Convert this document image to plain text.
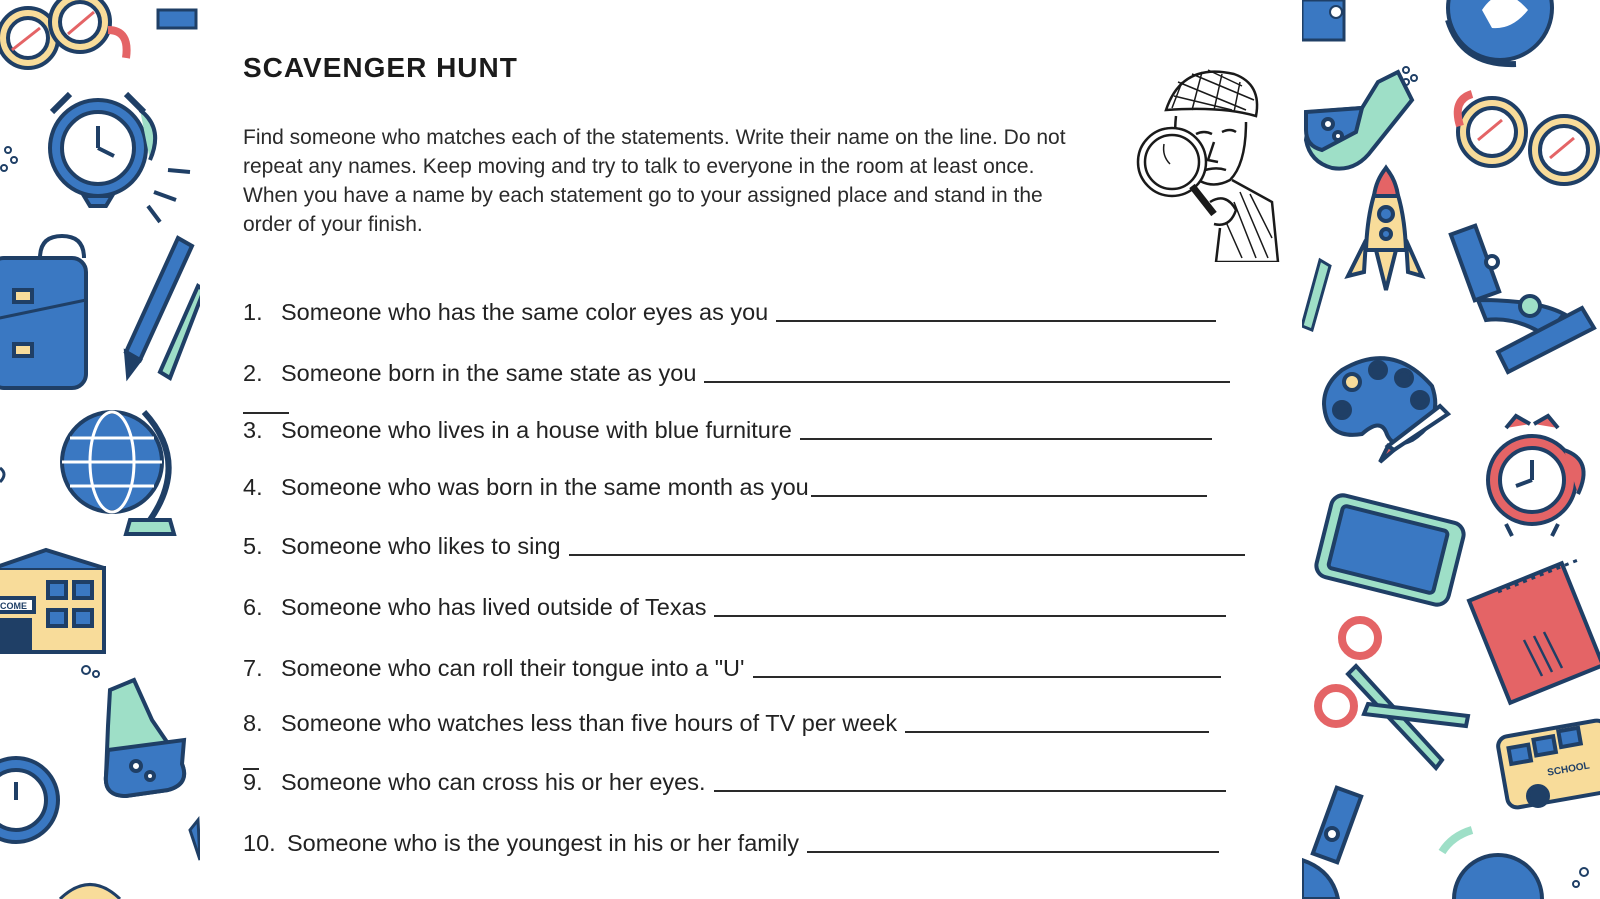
COME
SCAVENGER HUNT

Find someone who matches each of the statements. Write their name on the line. Do not repeat any names. Keep moving and try to talk to everyone in the room at least once.

When you have a name by each statement go to your assigned place and stand in the order of your finish.

1. Someone who has the same color eyes as you
2. Someone born in the same state as you
3. Someone who lives in a house with blue furniture
4. Someone who was born in the same month as you
5. Someone who likes to sing
6. Someone who has lived outside of Texas
7. Someone who can roll their tongue into a "U'
8. Someone who watches less than five hours of TV per week
9. Someone who can cross his or her eyes.
10. Someone who is the youngest in his or her family
SCHOOL
